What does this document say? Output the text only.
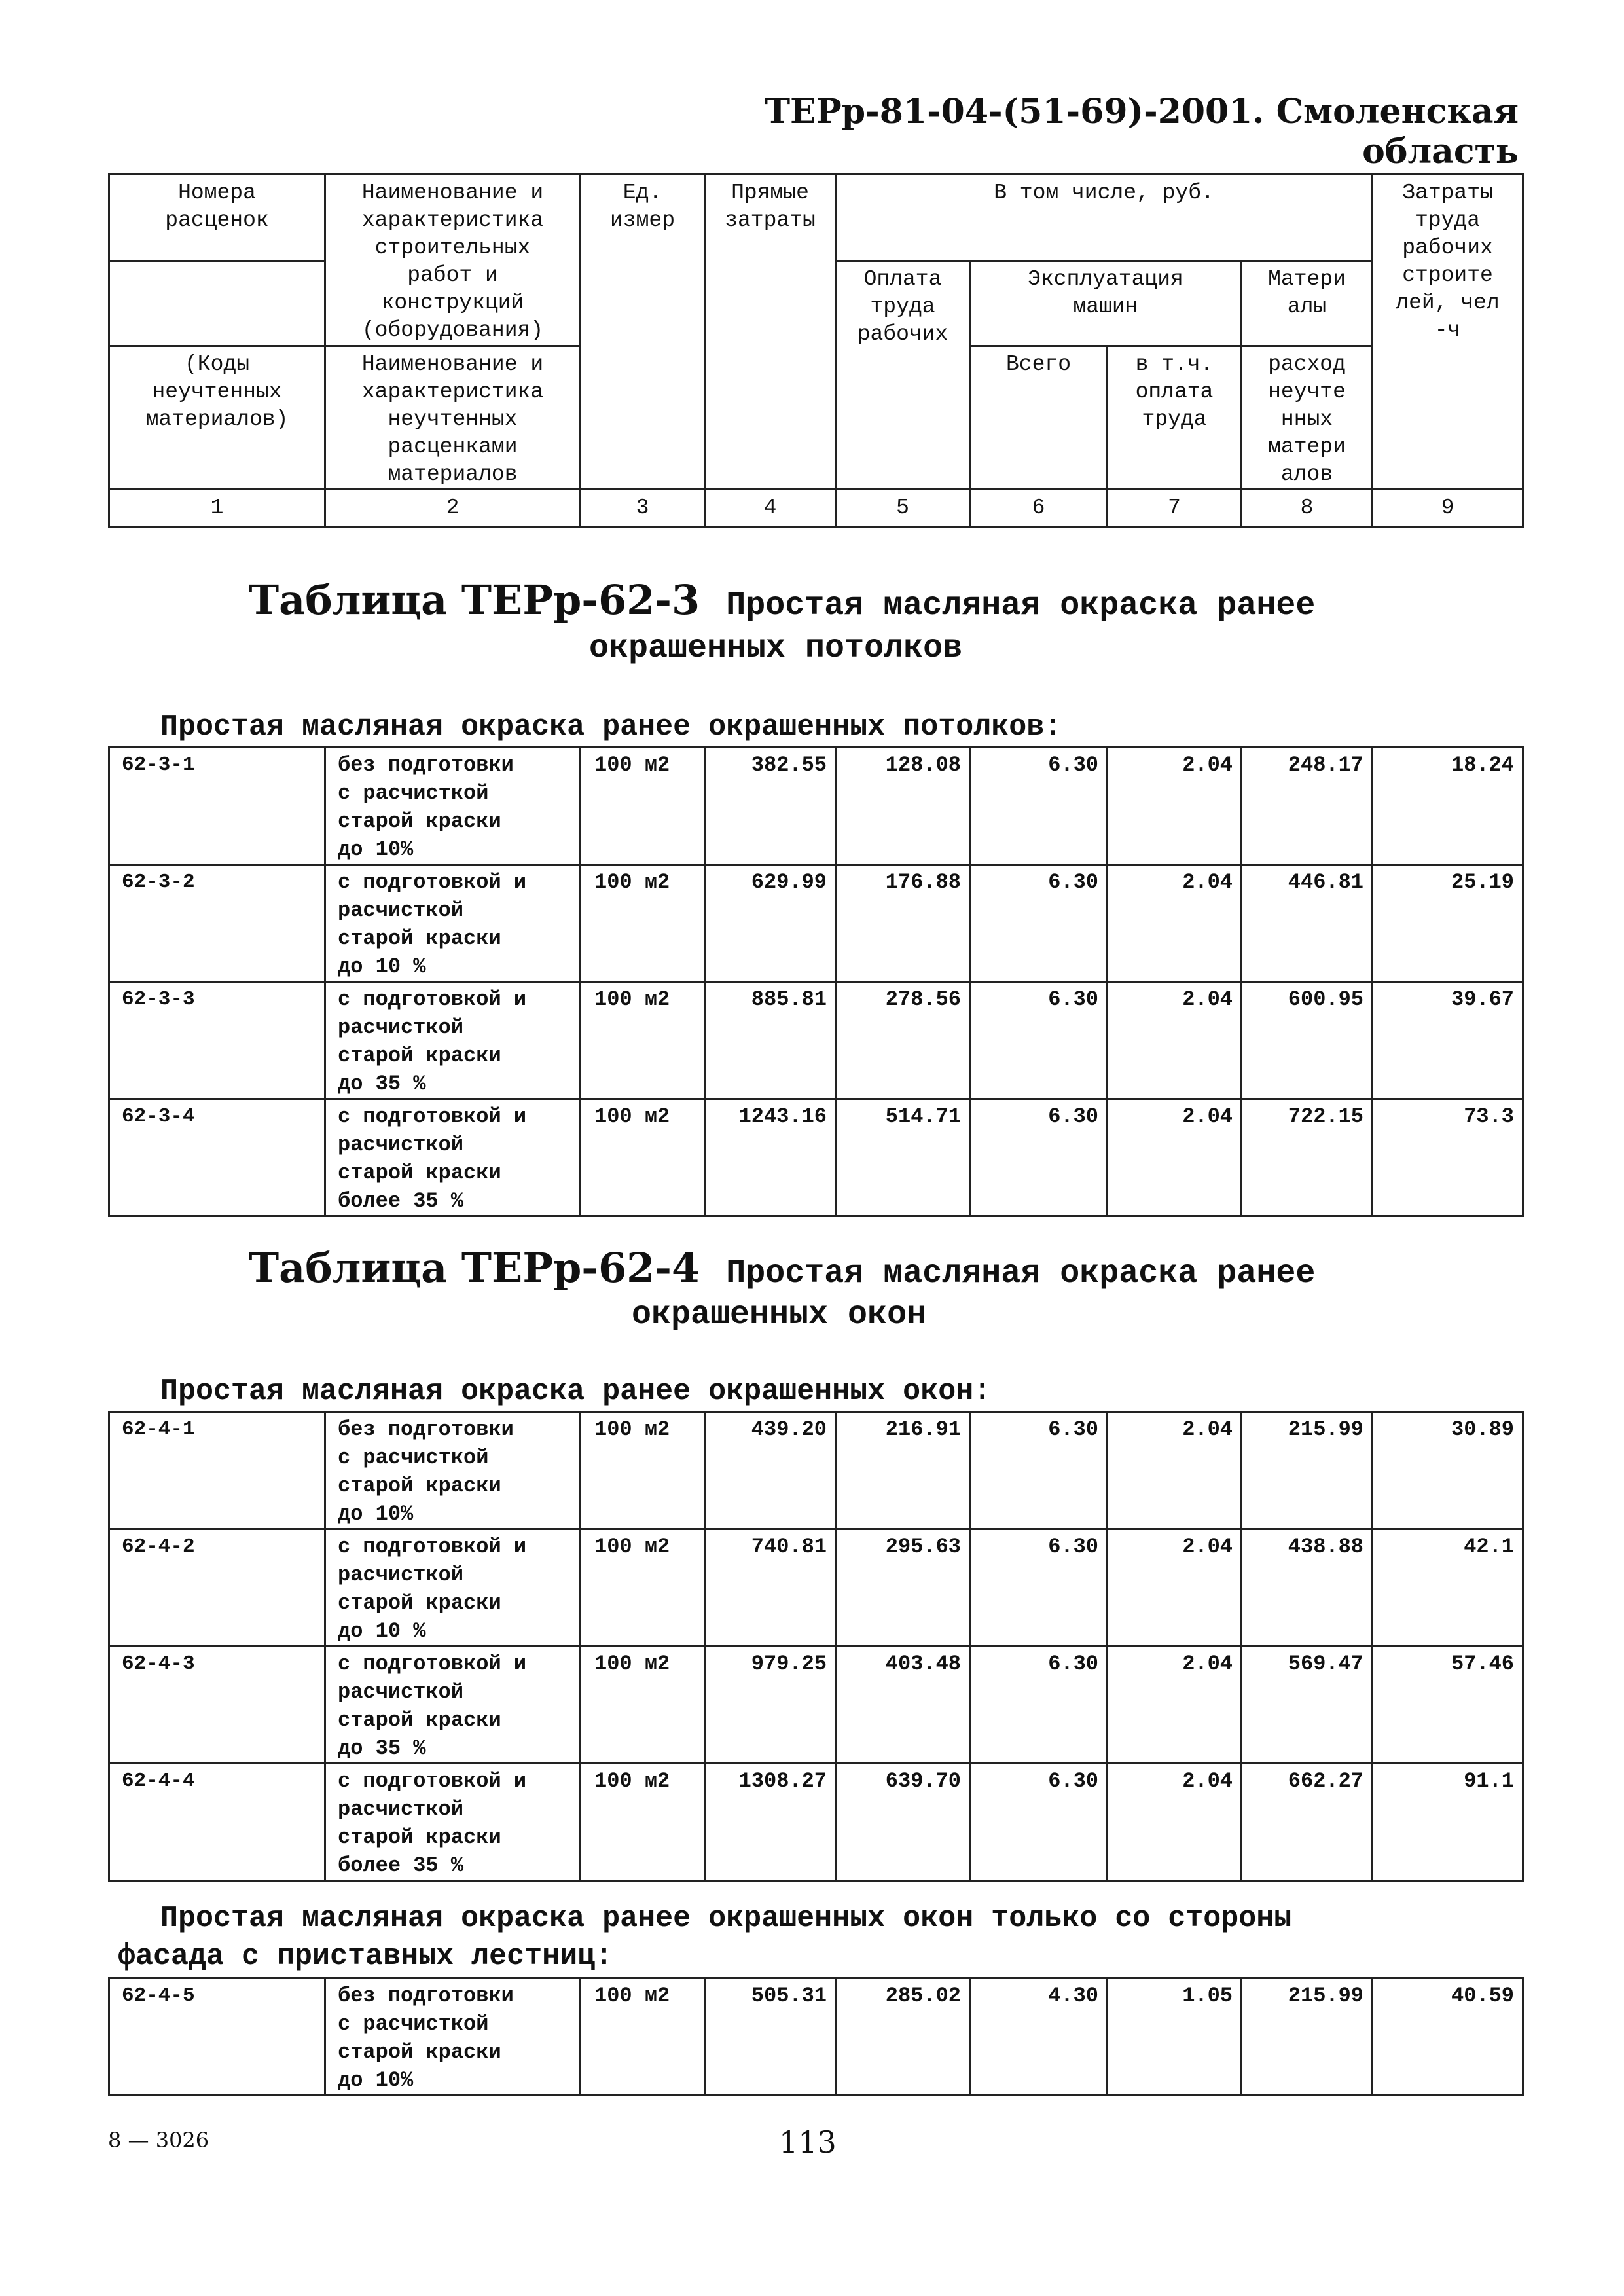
ТЕРр-81-04-(51-69)-2001. Смоленская область
Номера расценок	Наименование и характеристика строительных работ и конструкций (оборудования)	Ед. измер	Прямые затраты	В том числе, руб.				Затраты труда рабочих строите лей, чел -ч
				Оплата труда рабочих	Эксплуатация машин		Матери алы	
(Коды неучтенных материалов)	Наименование и характеристика неучтенных расценками материалов				Всего	в т.ч. оплата труда	расход неучте нных матери алов	
1	2	3	4	5	6	7	8	9
Таблица ТЕРр-62-3 Простая масляная окраска ранее
окрашенных потолков
Простая масляная окраска ранее окрашенных потолков:
62-3-1	без подготовки
с расчисткой
старой краски
до 10%	100 м2	382.55	128.08	6.30	2.04	248.17	18.24
62-3-2	с подготовкой и
расчисткой
старой краски
до 10 %	100 м2	629.99	176.88	6.30	2.04	446.81	25.19
62-3-3	с подготовкой и
расчисткой
старой краски
до 35 %	100 м2	885.81	278.56	6.30	2.04	600.95	39.67
62-3-4	с подготовкой и
расчисткой
старой краски
более 35 %	100 м2	1243.16	514.71	6.30	2.04	722.15	73.3
Таблица ТЕРр-62-4 Простая масляная окраска ранее
окрашенных окон
Простая масляная окраска ранее окрашенных окон:
62-4-1	без подготовки
с расчисткой
старой краски
до 10%	100 м2	439.20	216.91	6.30	2.04	215.99	30.89
62-4-2	с подготовкой и
расчисткой
старой краски
до 10 %	100 м2	740.81	295.63	6.30	2.04	438.88	42.1
62-4-3	с подготовкой и
расчисткой
старой краски
до 35 %	100 м2	979.25	403.48	6.30	2.04	569.47	57.46
62-4-4	с подготовкой и
расчисткой
старой краски
более 35 %	100 м2	1308.27	639.70	6.30	2.04	662.27	91.1
Простая масляная окраска ранее окрашенных окон только со стороны
фасада с приставных лестниц:
62-4-5	без подготовки
с расчисткой
старой краски
до 10%
	100 м2	505.31	285.02	4.30	1.05	215.99	40.59
8 — 3026	113
